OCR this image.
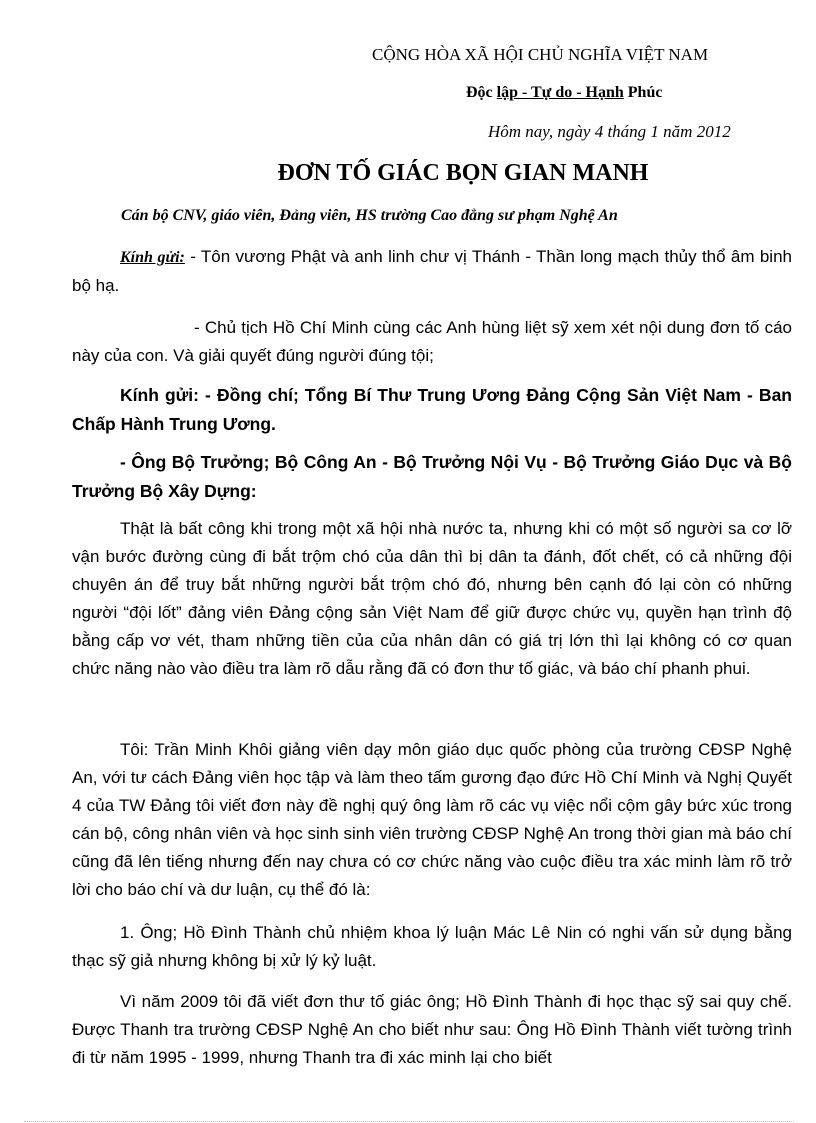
CỘNG HÒA XÃ HỘI CHỦ NGHĨA VIỆT NAM
Độc lập - Tự do - Hạnh Phúc
Hôm nay, ngày 4 tháng 1 năm 2012
ĐƠN TỐ GIÁC BỌN GIAN MANH
Cán bộ CNV, giáo viên, Đảng viên, HS trường Cao đẳng sư phạm Nghệ An
Kính gửi: - Tôn vương Phật và anh linh chư vị Thánh - Thần long mạch thủy thổ âm binh bộ hạ.
- Chủ tịch Hồ Chí Minh cùng các Anh hùng liệt sỹ xem xét nội dung đơn tố cáo này của con. Và giải quyết đúng người đúng tội;
Kính gửi: - Đồng chí; Tổng Bí Thư Trung Ương Đảng Cộng Sản Việt Nam - Ban Chấp Hành Trung Ương.
- Ông Bộ Trưởng; Bộ Công An - Bộ Trưởng Nội Vụ - Bộ Trưởng Giáo Dục và Bộ Trưởng Bộ Xây Dựng:
Thật là bất công khi trong một xã hội nhà nước ta, nhưng khi có một số người sa cơ lỡ vận bước đường cùng đi bắt trộm chó của dân thì bị dân ta đánh, đốt chết, có cả những đội chuyên án để truy bắt những người bắt trộm chó đó, nhưng bên cạnh đó lại còn có những người “đội lốt” đảng viên Đảng cộng sản Việt Nam để giữ được chức vụ, quyền hạn trình độ bằng cấp vơ vét, tham những tiền của của nhân dân có giá trị lớn thì lại không có cơ quan chức năng nào vào điều tra làm rõ dẫu rằng đã có đơn thư tố giác, và báo chí phanh phui.
Tôi: Trần Minh Khôi giảng viên dạy môn giáo dục quốc phòng của trường CĐSP Nghệ An, với tư cách Đảng viên học tập và làm theo tấm gương đạo đức Hồ Chí Minh và Nghị Quyết 4 của TW Đảng tôi viết đơn này đề nghị quý ông làm rõ các vụ việc nổi cộm gây bức xúc trong cán bộ, công nhân viên và học sinh sinh viên trường CĐSP Nghệ An trong thời gian mà báo chí cũng đã lên tiếng nhưng đến nay chưa có cơ chức năng vào cuộc điều tra xác minh làm rõ trở lời cho báo chí và dư luận, cụ thể đó là:
1. Ông; Hồ Đình Thành chủ nhiệm khoa lý luận Mác Lê Nin có nghi vấn sử dụng bằng thạc sỹ giả nhưng không bị xử lý kỷ luật.
Vì năm 2009 tôi đã viết đơn thư tố giác ông; Hồ Đình Thành đi học thạc sỹ sai quy chế. Được Thanh tra trường CĐSP Nghệ An cho biết như sau: Ông Hồ Đình Thành viết tường trình đi từ năm 1995 - 1999, nhưng Thanh tra đi xác minh lại cho biết
